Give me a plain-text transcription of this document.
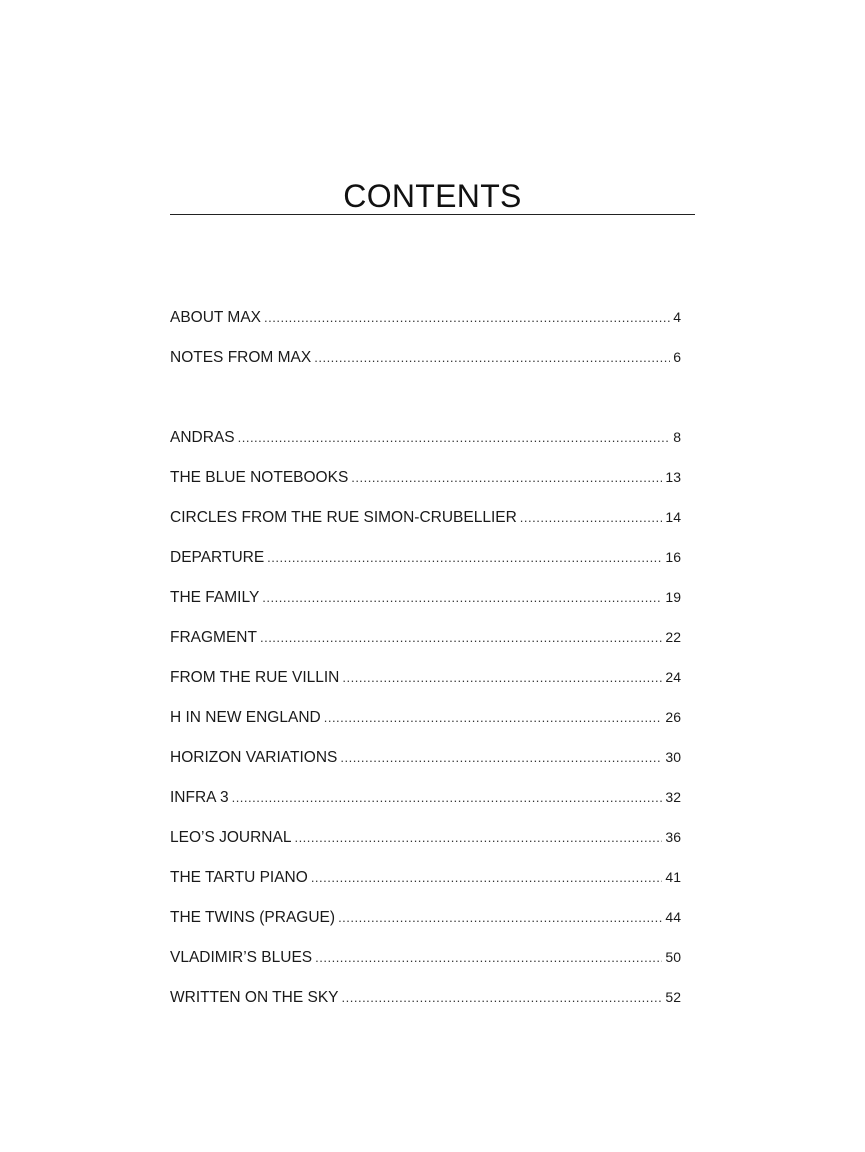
CONTENTS
ABOUT MAX .....	4
NOTES FROM MAX .....	6
ANDRAS .....	8
THE BLUE NOTEBOOKS .....	13
CIRCLES FROM THE RUE SIMON-CRUBELLIER .....	14
DEPARTURE .....	16
THE FAMILY .....	19
FRAGMENT .....	22
FROM THE RUE VILLIN .....	24
H IN NEW ENGLAND .....	26
HORIZON VARIATIONS .....	30
INFRA 3 .....	32
LEO’S JOURNAL .....	36
THE TARTU PIANO .....	41
THE TWINS (PRAGUE) .....	44
VLADIMIR’S BLUES .....	50
WRITTEN ON THE SKY .....	52
